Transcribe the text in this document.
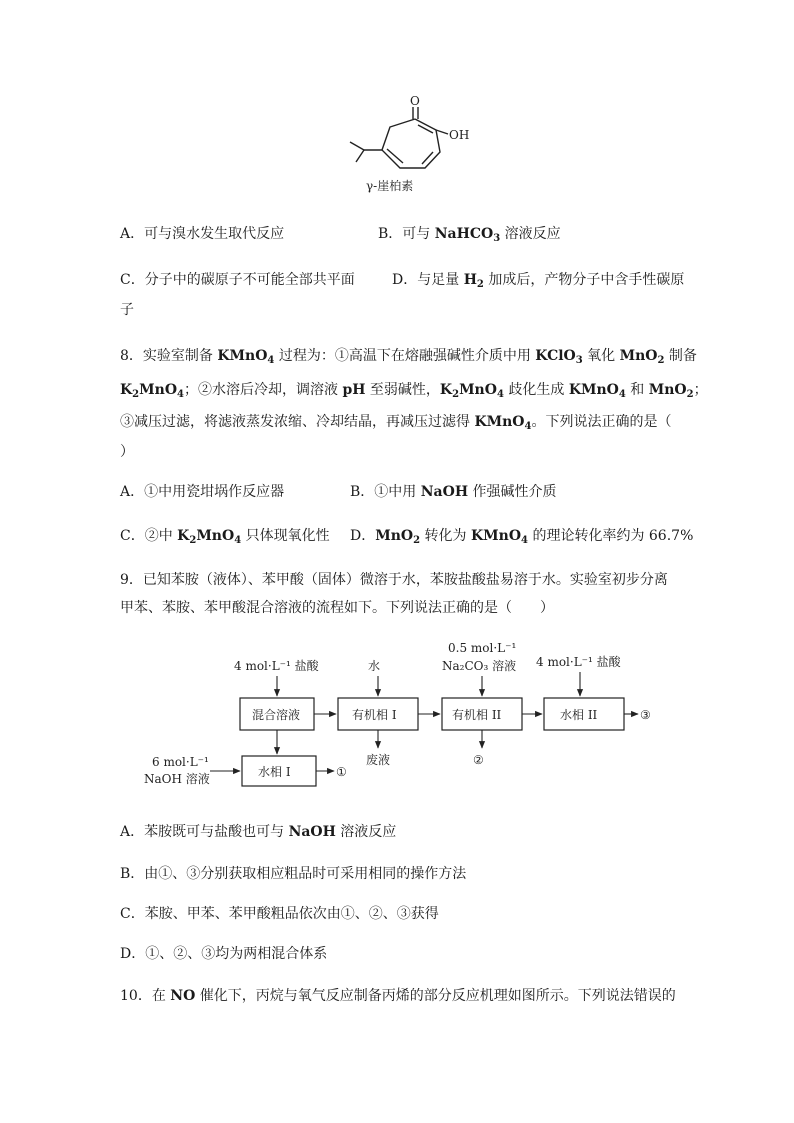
O
OH
γ-崖柏素
A．可与溴水发生取代反应	B．可与 NaHCO$_3$ 溶液反应
C．分子中的碳原子不可能全部共平面	D．与足量 $H_2$ 加成后，产物分子中含手性碳原
子
8．实验室制备 KMnO$_4$ 过程为：①高温下在熔融强碱性介质中用 KClO$_3$ 氧化 MnO$_2$ 制备
$K_2MnO_4$；②水溶后冷却，调溶液 pH 至弱碱性，$K_2MnO_4$ 歧化生成 KMnO$_4$ 和 MnO$_2$；
③减压过滤，将滤液蒸发浓缩、冷却结晶，再减压过滤得 KMnO$_4$。下列说法正确的是（
）
A．①中用瓷坩埚作反应器	B．①中用 NaOH 作强碱性介质
C．②中 $K_2MnO_4$ 只体现氧化性 D．MnO$_2$ 转化为 KMnO$_4$ 的理论转化率约为 66.7%
9．已知苯胺（液体）、苯甲酸（固体）微溶于水，苯胺盐酸盐易溶于水。实验室初步分离
甲苯、苯胺、苯甲酸混合溶液的流程如下。下列说法正确的是（　　）
4 mol·L⁻¹ 盐酸	水
0.5 mol·L⁻¹
Na₂CO₃ 溶液 4 mol·L⁻¹ 盐酸
混合溶液	有机相 I	有机相 II	水相 II
水相 I
6 mol·L⁻¹
NaOH 溶液
废液
①
②
③
A．苯胺既可与盐酸也可与 NaOH 溶液反应
B．由①、③分别获取相应粗品时可采用相同的操作方法
C．苯胺、甲苯、苯甲酸粗品依次由①、②、③获得
D．①、②、③均为两相混合体系
10．在 NO 催化下，丙烷与氧气反应制备丙烯的部分反应机理如图所示。下列说法错误的
